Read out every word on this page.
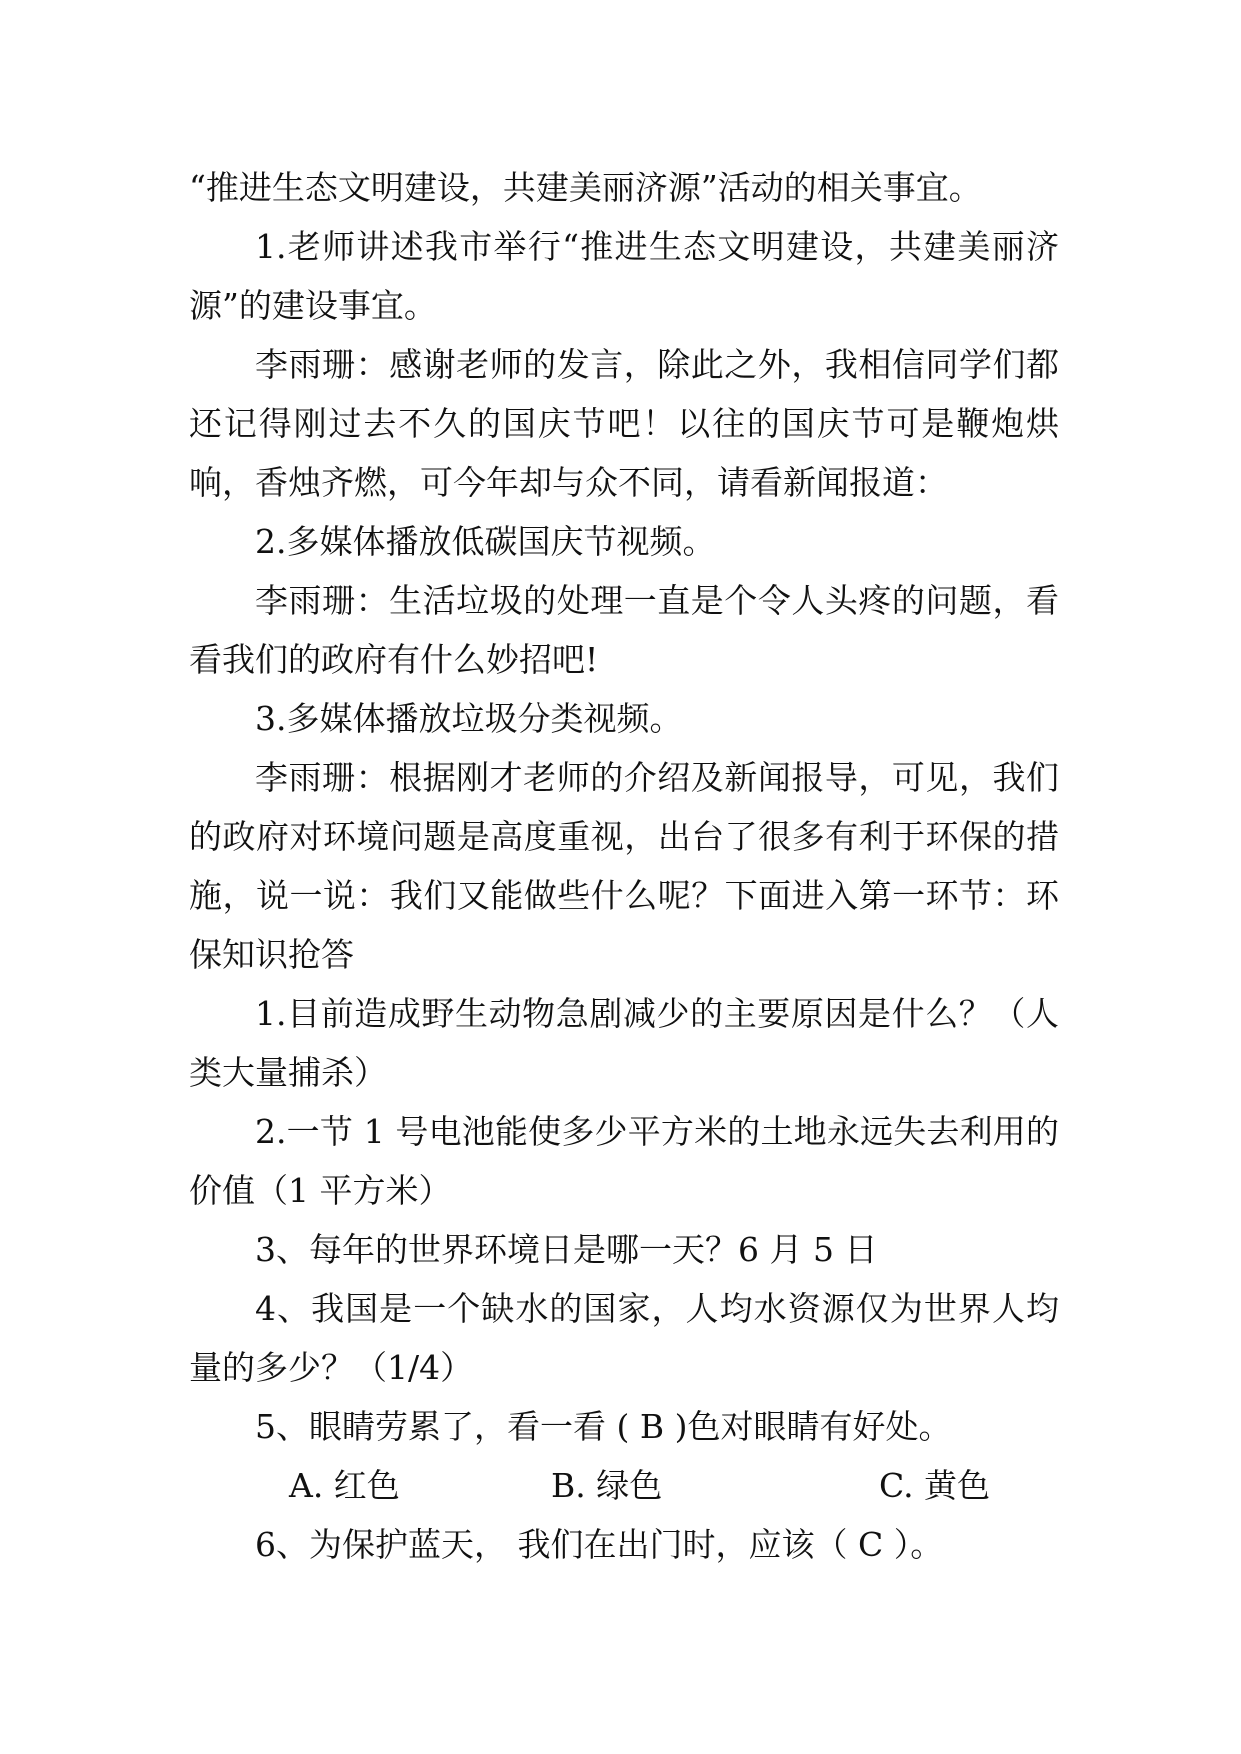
“推进生态文明建设，共建美丽济源”活动的相关事宜。

1.老师讲述我市举行“推进生态文明建设，共建美丽济源”的建设事宜。

李雨珊：感谢老师的发言，除此之外，我相信同学们都还记得刚过去不久的国庆节吧！以往的国庆节可是鞭炮烘响，香烛齐燃，可今年却与众不同，请看新闻报道：

2.多媒体播放低碳国庆节视频。

李雨珊：生活垃圾的处理一直是个令人头疼的问题，看看我们的政府有什么妙招吧!

3.多媒体播放垃圾分类视频。

李雨珊：根据刚才老师的介绍及新闻报导，可见，我们的政府对环境问题是高度重视，出台了很多有利于环保的措施，说一说：我们又能做些什么呢？下面进入第一环节：环保知识抢答

1.目前造成野生动物急剧减少的主要原因是什么？（人类大量捕杀）

2.一节 1 号电池能使多少平方米的土地永远失去利用的价值（1 平方米）

3、每年的世界环境日是哪一天？6 月 5 日

4、我国是一个缺水的国家，人均水资源仅为世界人均量的多少？（1/4）

5、眼睛劳累了，看一看 ( B )色对眼睛有好处。

A. 红色	B. 绿色	C. 黄色

6、为保护蓝天， 我们在出门时，应该（ C ）。
